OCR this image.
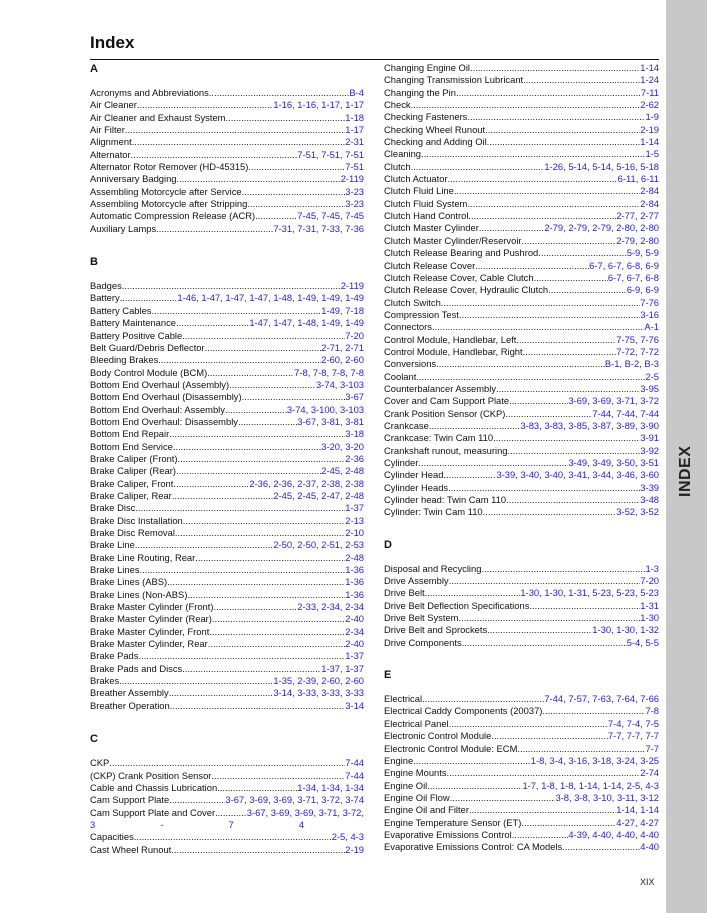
INDEX
Index
A
Acronyms and Abbreviations .....	B-4
Air Cleaner .....	1-16, 1-16, 1-17, 1-17
Air Cleaner and Exhaust System .....	1-18
Air Filter .....	1-17
Alignment .....	2-31
Alternator .....	7-51, 7-51, 7-51
Alternator Rotor Remover (HD-45315) .....	7-51
Anniversary Badging .....	2-119
Assembling Motorcycle after Service .....	3-23
Assembling Motorcycle after Stripping .....	3-23
Automatic Compression Release (ACR) .....	7-45, 7-45, 7-45
Auxiliary Lamps .....	7-31, 7-31, 7-33, 7-36
B
Badges .....	2-119
Battery .....	1-46, 1-47, 1-47, 1-47, 1-48, 1-49, 1-49, 1-49
Battery Cables .....	1-49, 7-18
Battery Maintenance .....	1-47, 1-47, 1-48, 1-49, 1-49
Battery Positive Cable .....	7-20
Belt Guard/Debris Deflector .....	2-71, 2-71
Bleeding Brakes .....	2-60, 2-60
Body Control Module (BCM) .....	7-8, 7-8, 7-8, 7-8
Bottom End Overhaul (Assembly) .....	3-74, 3-103
Bottom End Overhaul (Disassembly) .....	3-67
Bottom End Overhaul: Assembly .....	3-74, 3-100, 3-103
Bottom End Overhaul: Disassembly .....	3-67, 3-81, 3-81
Bottom End Repair .....	3-18
Bottom End Service .....	3-20, 3-20
Brake Caliper (Front) .....	2-36
Brake Caliper (Rear) .....	2-45, 2-48
Brake Caliper, Front .....	2-36, 2-36, 2-37, 2-38, 2-38
Brake Caliper, Rear .....	2-45, 2-45, 2-47, 2-48
Brake Disc .....	1-37
Brake Disc Installation .....	2-13
Brake Disc Removal .....	2-10
Brake Line .....	2-50, 2-50, 2-51, 2-53
Brake Line Routing, Rear .....	2-48
Brake Lines .....	1-36
Brake Lines (ABS) .....	1-36
Brake Lines (Non-ABS) .....	1-36
Brake Master Cylinder (Front) .....	2-33, 2-34, 2-34
Brake Master Cylinder (Rear) .....	2-40
Brake Master Cylinder, Front .....	2-34
Brake Master Cylinder, Rear .....	2-40
Brake Pads .....	1-37
Brake Pads and Discs .....	1-37, 1-37
Brakes .....	1-35, 2-39, 2-60, 2-60
Breather Assembly .....	3-14, 3-33, 3-33, 3-33
Breather Operation .....	3-14
C
CKP .....	7-44
(CKP) Crank Position Sensor .....	7-44
Cable and Chassis Lubrication .....	1-34, 1-34, 1-34
Cam Support Plate .....	3-67, 3-69, 3-69, 3-71, 3-72, 3-74
Cam Support Plate and Cover .....	3-67, 3-69, 3-69, 3-71, 3-72,
3	-	7	4
Capacities .....	2-5, 4-3
Cast Wheel Runout .....	2-19
Changing Engine Oil .....	1-14
Changing Transmission Lubricant .....	1-24
Changing the Pin .....	7-11
Check .....	2-62
Checking Fasteners .....	1-9
Checking Wheel Runout .....	2-19
Checking and Adding Oil .....	1-14
Cleaning .....	1-5
Clutch .....	1-26, 5-14, 5-14, 5-16, 5-18
Clutch Actuator .....	6-11, 6-11
Clutch Fluid Line .....	2-84
Clutch Fluid System .....	2-84
Clutch Hand Control .....	2-77, 2-77
Clutch Master Cylinder .....	2-79, 2-79, 2-79, 2-80, 2-80
Clutch Master Cylinder/Reservoir .....	2-79, 2-80
Clutch Release Bearing and Pushrod .....	5-9, 5-9
Clutch Release Cover .....	6-7, 6-7, 6-8, 6-9
Clutch Release Cover, Cable Clutch .....	6-7, 6-7, 6-8
Clutch Release Cover, Hydraulic Clutch .....	6-9, 6-9
Clutch Switch .....	7-76
Compression Test .....	3-16
Connectors .....	A-1
Control Module, Handlebar, Left .....	7-75, 7-76
Control Module, Handlebar, Right .....	7-72, 7-72
Conversions .....	B-1, B-2, B-3
Coolant .....	2-5
Counterbalancer Assembly .....	3-95
Cover and Cam Support Plate .....	3-69, 3-69, 3-71, 3-72
Crank Position Sensor (CKP) .....	7-44, 7-44, 7-44
Crankcase .....	3-83, 3-83, 3-85, 3-87, 3-89, 3-90
Crankcase: Twin Cam 110 .....	3-91
Crankshaft runout, measuring .....	3-92
Cylinder .....	3-49, 3-49, 3-50, 3-51
Cylinder Head .....	3-39, 3-40, 3-40, 3-41, 3-44, 3-46, 3-60
Cylinder Heads .....	3-39
Cylinder head: Twin Cam 110 .....	3-48
Cylinder: Twin Cam 110 .....	3-52, 3-52
D
Disposal and Recycling .....	1-3
Drive Assembly .....	7-20
Drive Belt .....	1-30, 1-30, 1-31, 5-23, 5-23, 5-23
Drive Belt Deflection Specifications .....	1-31
Drive Belt System .....	1-30
Drive Belt and Sprockets .....	1-30, 1-30, 1-32
Drive Components .....	5-4, 5-5
E
Electrical .....	7-44, 7-57, 7-63, 7-64, 7-66
Electrical Caddy Components (20037) .....	7-8
Electrical Panel .....	7-4, 7-4, 7-5
Electronic Control Module .....	7-7, 7-7, 7-7
Electronic Control Module: ECM .....	7-7
Engine .....	1-8, 3-4, 3-16, 3-18, 3-24, 3-25
Engine Mounts .....	2-74
Engine Oil .....	1-7, 1-8, 1-8, 1-14, 1-14, 2-5, 4-3
Engine Oil Flow .....	3-8, 3-8, 3-10, 3-11, 3-12
Engine Oil and Filter .....	1-14, 1-14
Engine Temperature Sensor (ET) .....	4-27, 4-27
Evaporative Emissions Control .....	4-39, 4-40, 4-40, 4-40
Evaporative Emissions Control: CA Models .....	4-40
XIX
